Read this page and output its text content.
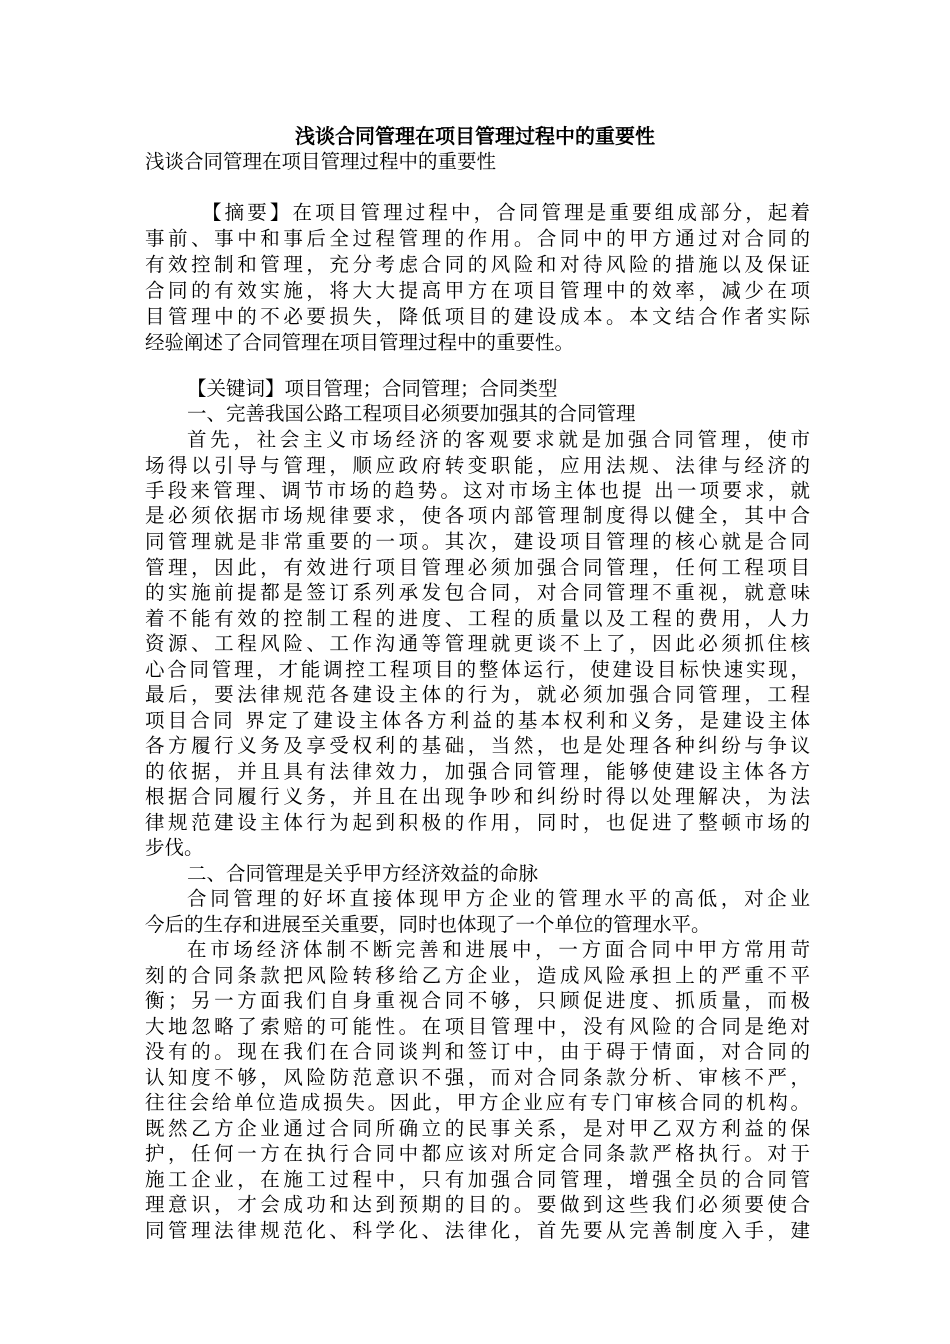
浅谈合同管理在项目管理过程中的重要性
浅谈合同管理在项目管理过程中的重要性
【摘要】在项目管理过程中，合同管理是重要组成部分，起着
事前、事中和事后全过程管理的作用。合同中的甲方通过对合同的
有效控制和管理，充分考虑合同的风险和对待风险的措施以及保证
合同的有效实施，将大大提高甲方在项目管理中的效率，减少在项
目管理中的不必要损失，降低项目的建设成本。本文结合作者实际
经验阐述了合同管理在项目管理过程中的重要性。
【关键词】项目管理；合同管理；合同类型
一、完善我国公路工程项目必须要加强其的合同管理
首先，社会主义市场经济的客观要求就是加强合同管理，使市
场得以引导与管理，顺应政府转变职能，应用法规、法律与经济的
手段来管理、调节市场的趋势。这对市场主体也提 出一项要求，就
是必须依据市场规律要求，使各项内部管理制度得以健全，其中合
同管理就是非常重要的一项。其次，建设项目管理的核心就是合同
管理，因此，有效进行项目管理必须加强合同管理，任何工程项目
的实施前提都是签订系列承发包合同，对合同管理不重视，就意味
着不能有效的控制工程的进度、工程的质量以及工程的费用，人力
资源、工程风险、工作沟通等管理就更谈不上了，因此必须抓住核
心合同管理，才能调控工程项目的整体运行，使建设目标快速实现，
最后，要法律规范各建设主体的行为，就必须加强合同管理，工程
项目合同 界定了建设主体各方利益的基本权利和义务，是建设主体
各方履行义务及享受权利的基础，当然，也是处理各种纠纷与争议
的依据，并且具有法律效力，加强合同管理，能够使建设主体各方
根据合同履行义务，并且在出现争吵和纠纷时得以处理解决，为法
律规范建设主体行为起到积极的作用，同时，也促进了整顿市场的
步伐。
二、合同管理是关乎甲方经济效益的命脉
合同管理的好坏直接体现甲方企业的管理水平的高低，对企业
今后的生存和进展至关重要，同时也体现了一个单位的管理水平。
在市场经济体制不断完善和进展中，一方面合同中甲方常用苛
刻的合同条款把风险转移给乙方企业，造成风险承担上的严重不平
衡；另一方面我们自身重视合同不够，只顾促进度、抓质量，而极
大地忽略了索赔的可能性。在项目管理中，没有风险的合同是绝对
没有的。现在我们在合同谈判和签订中，由于碍于情面，对合同的
认知度不够，风险防范意识不强，而对合同条款分析、审核不严，
往往会给单位造成损失。因此，甲方企业应有专门审核合同的机构。
既然乙方企业通过合同所确立的民事关系，是对甲乙双方利益的保
护，任何一方在执行合同中都应该对所定合同条款严格执行。对于
施工企业，在施工过程中，只有加强合同管理，增强全员的合同管
理意识，才会成功和达到预期的目的。要做到这些我们必须要使合
同管理法律规范化、科学化、法律化，首先要从完善制度入手，建
